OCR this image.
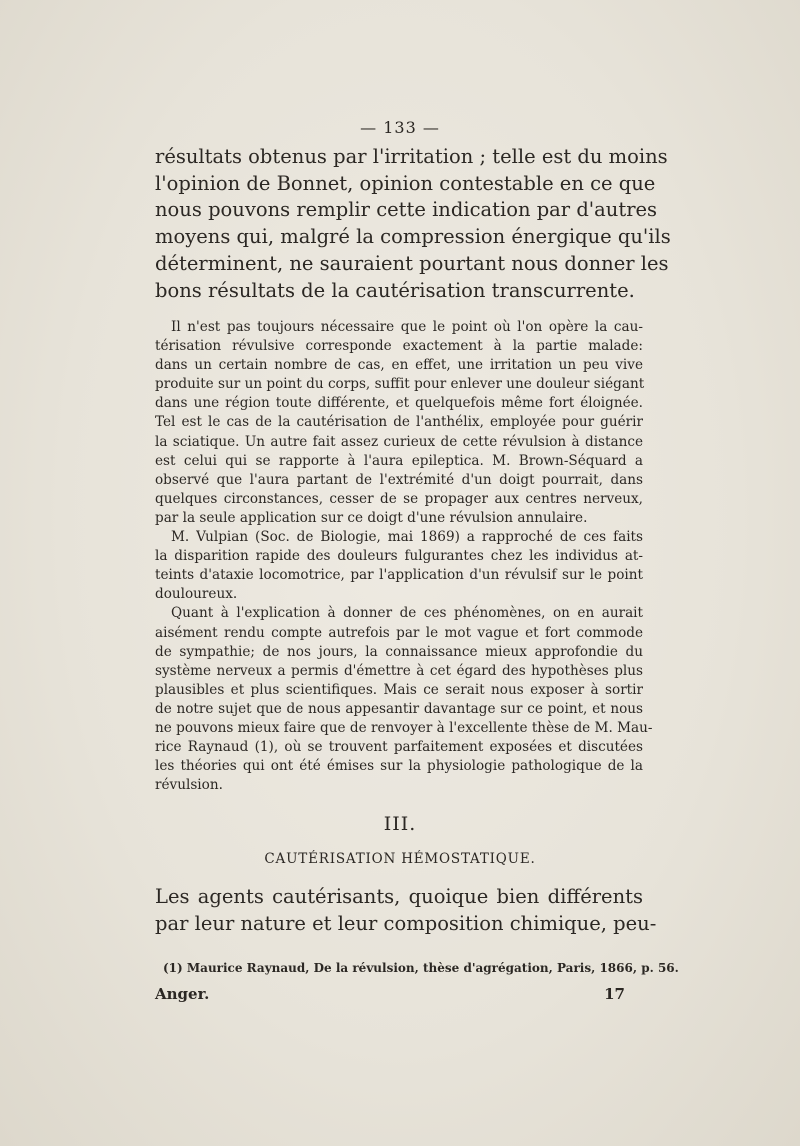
— 133 —
résultats obtenus par l'irritation ; telle est du moins
l'opinion de Bonnet, opinion contestable en ce que
nous pouvons remplir cette indication par d'autres
moyens qui, malgré la compression énergique qu'ils
déterminent, ne sauraient pourtant nous donner les
bons résultats de la cautérisation transcurrente.
Il n'est pas toujours nécessaire que le point où l'on opère la cau-
térisation révulsive corresponde exactement à la partie malade:
dans un certain nombre de cas, en effet, une irritation un peu vive
produite sur un point du corps, suffit pour enlever une douleur siégant
dans une région toute différente, et quelquefois même fort éloignée.
Tel est le cas de la cautérisation de l'anthélix, employée pour guérir
la sciatique. Un autre fait assez curieux de cette révulsion à distance
est celui qui se rapporte à l'aura epileptica. M. Brown-Séquard a
observé que l'aura partant de l'extrémité d'un doigt pourrait, dans
quelques circonstances, cesser de se propager aux centres nerveux,
par la seule application sur ce doigt d'une révulsion annulaire.
M. Vulpian (Soc. de Biologie, mai 1869) a rapproché de ces faits
la disparition rapide des douleurs fulgurantes chez les individus at-
teints d'ataxie locomotrice, par l'application d'un révulsif sur le point
douloureux.
Quant à l'explication à donner de ces phénomènes, on en aurait
aisément rendu compte autrefois par le mot vague et fort commode
de sympathie; de nos jours, la connaissance mieux approfondie du
système nerveux a permis d'émettre à cet égard des hypothèses plus
plausibles et plus scientifiques. Mais ce serait nous exposer à sortir
de notre sujet que de nous appesantir davantage sur ce point, et nous
ne pouvons mieux faire que de renvoyer à l'excellente thèse de M. Mau-
rice Raynaud (1), où se trouvent parfaitement exposées et discutées
les théories qui ont été émises sur la physiologie pathologique de la
révulsion.
III.
CAUTÉRISATION HÉMOSTATIQUE.
Les agents cautérisants, quoique bien différents
par leur nature et leur composition chimique, peu-
(1) Maurice Raynaud, De la révulsion, thèse d'agrégation, Paris, 1866, p. 56.
Anger.	17
